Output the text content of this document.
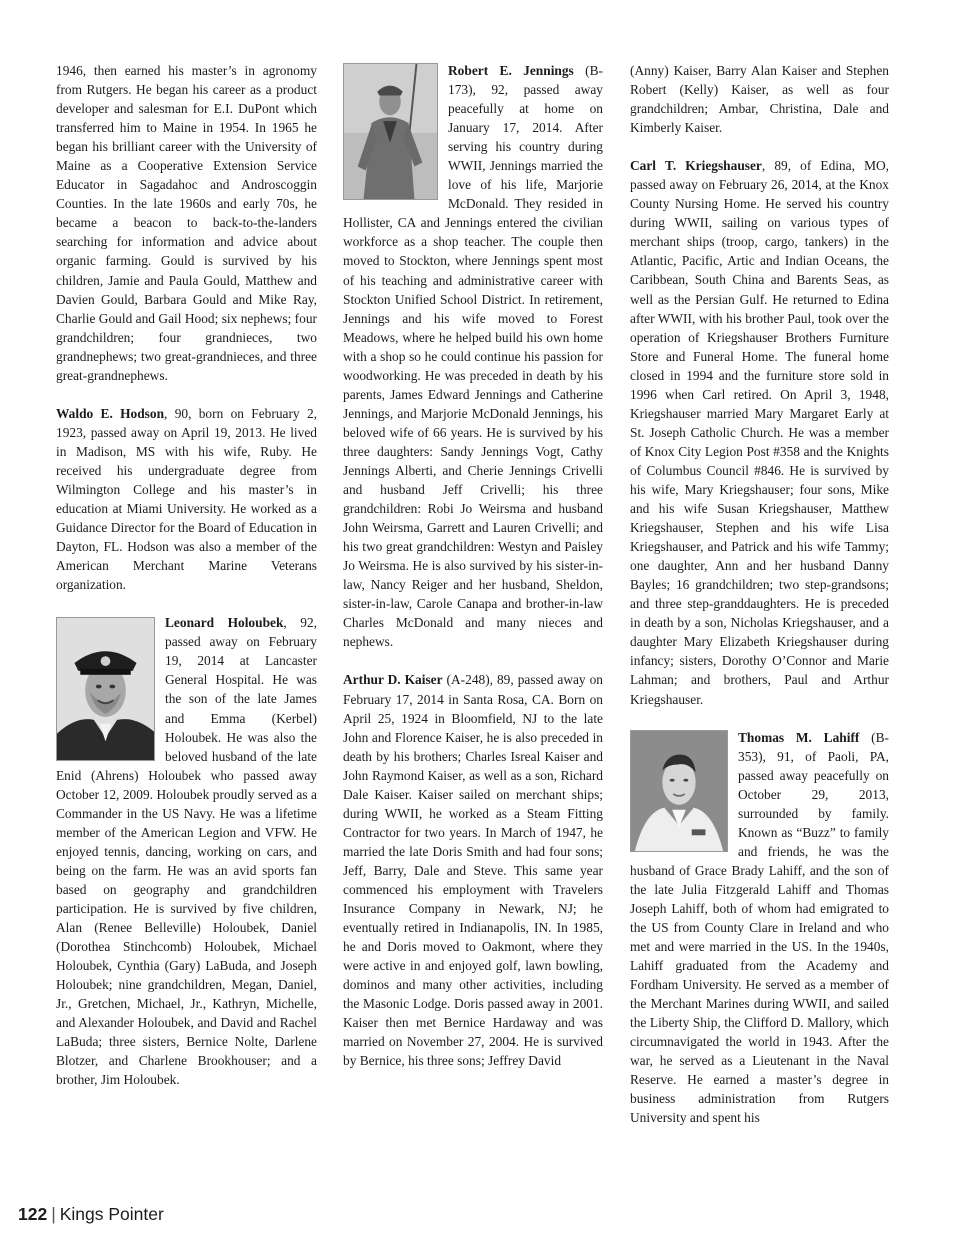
1946, then earned his master’s in agronomy from Rutgers. He began his career as a product developer and salesman for E.I. DuPont which transferred him to Maine in 1954. In 1965 he began his brilliant career with the University of Maine as a Cooperative Extension Service Educator in Sagadahoc and Androscoggin Counties. In the late 1960s and early 70s, he became a beacon to back-to-the-landers searching for information and advice about organic farming. Gould is survived by his children, Jamie and Paula Gould, Matthew and Davien Gould, Barbara Gould and Mike Ray, Charlie Gould and Gail Hood; six nephews; four grandchildren; four grandnieces, two grandnephews; two great-grandnieces, and three great-grandnephews.

Waldo E. Hodson, 90, born on February 2, 1923, passed away on April 19, 2013. He lived in Madison, MS with his wife, Ruby. He received his undergraduate degree from Wilmington College and his master’s in education at Miami University. He worked as a Guidance Director for the Board of Education in Dayton, FL. Hodson was also a member of the American Merchant Marine Veterans organization.

Leonard Holoubek, 92, passed away on February 19, 2014 at Lancaster General Hospital. He was the son of the late James and Emma (Kerbel) Holoubek. He was also the beloved husband of the late Enid (Ahrens) Holoubek who passed away October 12, 2009. Holoubek proudly served as a Commander in the US Navy. He was a lifetime member of the American Legion and VFW. He enjoyed tennis, dancing, working on cars, and being on the farm. He was an avid sports fan based on geography and grandchildren participation. He is survived by five children, Alan (Renee Belleville) Holoubek, Daniel (Dorothea Stinchcomb) Holoubek, Michael Holoubek, Cynthia (Gary) LaBuda, and Joseph Holoubek; nine grandchildren, Megan, Daniel, Jr., Gretchen, Michael, Jr., Kathryn, Michelle, and Alexander Holoubek, and David and Rachel LaBuda; three sisters, Bernice Nolte, Darlene Blotzer, and Charlene Brookhouser; and a brother, Jim Holoubek.

Robert E. Jennings (B-173), 92, passed away peacefully at home on January 17, 2014. After serving his country during WWII, Jennings married the love of his life, Marjorie McDonald. They resided in Hollister, CA and Jennings entered the civilian workforce as a shop teacher. The couple then moved to Stockton, where Jennings spent most of his teaching and administrative career with Stockton Unified School District. In retirement, Jennings and his wife moved to Forest Meadows, where he helped build his own home with a shop so he could continue his passion for woodworking. He was preceded in death by his parents, James Edward Jennings and Catherine Jennings, and Marjorie McDonald Jennings, his beloved wife of 66 years. He is survived by his three daughters: Sandy Jennings Vogt, Cathy Jennings Alberti, and Cherie Jennings Crivelli and husband Jeff Crivelli; his three grandchildren: Robi Jo Weirsma and husband John Weirsma, Garrett and Lauren Crivelli; and his two great grandchildren: Westyn and Paisley Jo Weirsma. He is also survived by his sister-in-law, Nancy Reiger and her husband, Sheldon, sister-in-law, Carole Canapa and brother-in-law Charles McDonald and many nieces and nephews.

Arthur D. Kaiser (A-248), 89, passed away on February 17, 2014 in Santa Rosa, CA. Born on April 25, 1924 in Bloomfield, NJ to the late John and Florence Kaiser, he is also preceded in death by his brothers; Charles Isreal Kaiser and John Raymond Kaiser, as well as a son, Richard Dale Kaiser. Kaiser sailed on merchant ships; during WWII, he worked as a Steam Fitting Contractor for two years. In March of 1947, he married the late Doris Smith and had four sons; Jeff, Barry, Dale and Steve. This same year commenced his employment with Travelers Insurance Company in Newark, NJ; he eventually retired in Indianapolis, IN. In 1985, he and Doris moved to Oakmont, where they were active in and enjoyed golf, lawn bowling, dominos and many other activities, including the Masonic Lodge. Doris passed away in 2001. Kaiser then met Bernice Hardaway and was married on November 27, 2004. He is survived by Bernice, his three sons; Jeffrey David

(Anny) Kaiser, Barry Alan Kaiser and Stephen Robert (Kelly) Kaiser, as well as four grandchildren; Ambar, Christina, Dale and Kimberly Kaiser.

Carl T. Kriegshauser, 89, of Edina, MO, passed away on February 26, 2014, at the Knox County Nursing Home. He served his country during WWII, sailing on various types of merchant ships (troop, cargo, tankers) in the Atlantic, Pacific, Artic and Indian Oceans, the Caribbean, South China and Barents Seas, as well as the Persian Gulf. He returned to Edina after WWII, with his brother Paul, took over the operation of Kriegshauser Brothers Furniture Store and Funeral Home. The funeral home closed in 1994 and the furniture store sold in 1996 when Carl retired. On April 3, 1948, Kriegshauser married Mary Margaret Early at St. Joseph Catholic Church. He was a member of Knox City Legion Post #358 and the Knights of Columbus Council #846. He is survived by his wife, Mary Kriegshauser; four sons, Mike and his wife Susan Kriegshauser, Matthew Kriegshauser, Stephen and his wife Lisa Kriegshauser, and Patrick and his wife Tammy; one daughter, Ann and her husband Danny Bayles; 16 grandchildren; two step-grandsons; and three step-granddaughters. He is preceded in death by a son, Nicholas Kriegshauser, and a daughter Mary Elizabeth Kriegshauser during infancy; sisters, Dorothy O’Connor and Marie Lahman; and brothers, Paul and Arthur Kriegshauser.

Thomas M. Lahiff (B-353), 91, of Paoli, PA, passed away peacefully on October 29, 2013, surrounded by family. Known as “Buzz” to family and friends, he was the husband of Grace Brady Lahiff, and the son of the late Julia Fitzgerald Lahiff and Thomas Joseph Lahiff, both of whom had emigrated to the US from County Clare in Ireland and who met and were married in the US. In the 1940s, Lahiff graduated from the Academy and Fordham University. He served as a member of the Merchant Marines during WWII, and sailed the Liberty Ship, the Clifford D. Mallory, which circumnavigated the world in 1943. After the war, he served as a Lieutenant in the Naval Reserve. He earned a master’s degree in business administration from Rutgers University and spent his

122 | Kings Pointer
